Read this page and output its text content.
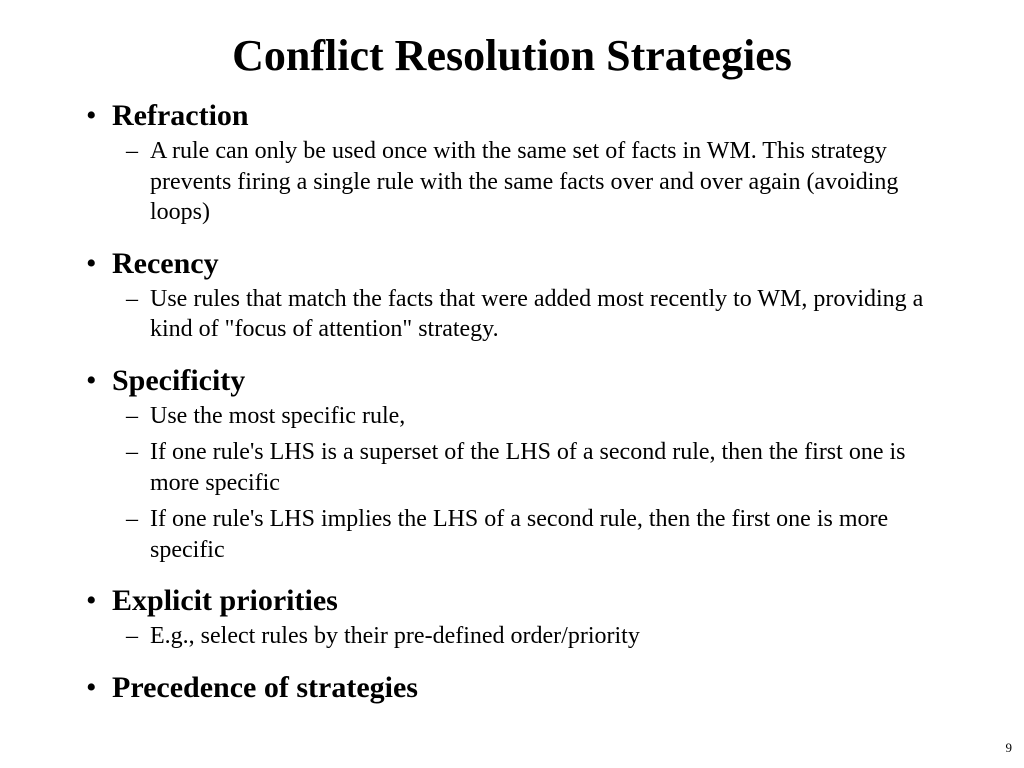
Conflict Resolution Strategies
• Refraction
– A rule can only be used once with the same set of facts in WM. This strategy prevents firing a single rule with the same facts over and over again (avoiding loops)
• Recency
– Use rules that match the facts that were added most recently to WM, providing a kind of "focus of attention" strategy.
• Specificity
– Use the most specific rule,
– If one rule's LHS is a superset of the LHS of a second rule, then the first one is more specific
– If one rule's LHS implies the LHS of a second rule, then the first one is more specific
• Explicit priorities
– E.g., select rules by their pre-defined order/priority
• Precedence of strategies
9
